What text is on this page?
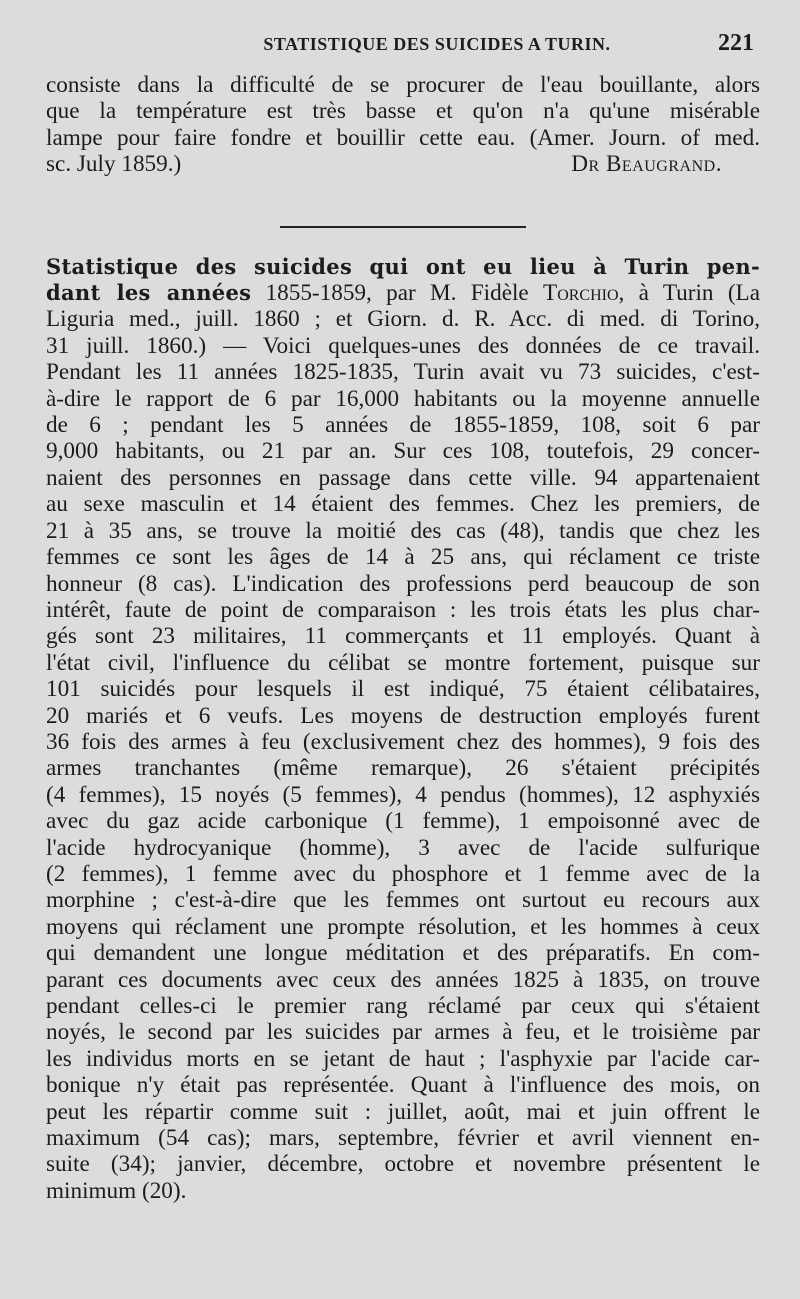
STATISTIQUE DES SUICIDES A TURIN.	221
consiste dans la difficulté de se procurer de l'eau bouillante, alors
que la température est très basse et qu'on n'a qu'une misérable
lampe pour faire fondre et bouillir cette eau. (Amer. Journ. of med.
sc. July 1859.)	Dr Beaugrand.
Statistique des suicides qui ont eu lieu à Turin pen-
dant les années 1855-1859, par M. Fidèle Torchio, à Turin (La
Liguria med., juill. 1860 ; et Giorn. d. R. Acc. di med. di Torino,
31 juill. 1860.) — Voici quelques-unes des données de ce travail.
Pendant les 11 années 1825-1835, Turin avait vu 73 suicides, c'est-
à-dire le rapport de 6 par 16,000 habitants ou la moyenne annuelle
de 6 ; pendant les 5 années de 1855-1859, 108, soit 6 par
9,000 habitants, ou 21 par an. Sur ces 108, toutefois, 29 concer-
naient des personnes en passage dans cette ville. 94 appartenaient
au sexe masculin et 14 étaient des femmes. Chez les premiers, de
21 à 35 ans, se trouve la moitié des cas (48), tandis que chez les
femmes ce sont les âges de 14 à 25 ans, qui réclament ce triste
honneur (8 cas). L'indication des professions perd beaucoup de son
intérêt, faute de point de comparaison : les trois états les plus char-
gés sont 23 militaires, 11 commerçants et 11 employés. Quant à
l'état civil, l'influence du célibat se montre fortement, puisque sur
101 suicidés pour lesquels il est indiqué, 75 étaient célibataires,
20 mariés et 6 veufs. Les moyens de destruction employés furent
36 fois des armes à feu (exclusivement chez des hommes), 9 fois des
armes tranchantes (même remarque), 26 s'étaient précipités
(4 femmes), 15 noyés (5 femmes), 4 pendus (hommes), 12 asphyxiés
avec du gaz acide carbonique (1 femme), 1 empoisonné avec de
l'acide hydrocyanique (homme), 3 avec de l'acide sulfurique
(2 femmes), 1 femme avec du phosphore et 1 femme avec de la
morphine ; c'est-à-dire que les femmes ont surtout eu recours aux
moyens qui réclament une prompte résolution, et les hommes à ceux
qui demandent une longue méditation et des préparatifs. En com-
parant ces documents avec ceux des années 1825 à 1835, on trouve
pendant celles-ci le premier rang réclamé par ceux qui s'étaient
noyés, le second par les suicides par armes à feu, et le troisième par
les individus morts en se jetant de haut ; l'asphyxie par l'acide car-
bonique n'y était pas représentée. Quant à l'influence des mois, on
peut les répartir comme suit : juillet, août, mai et juin offrent le
maximum (54 cas); mars, septembre, février et avril viennent en-
suite (34); janvier, décembre, octobre et novembre présentent le
minimum (20).
